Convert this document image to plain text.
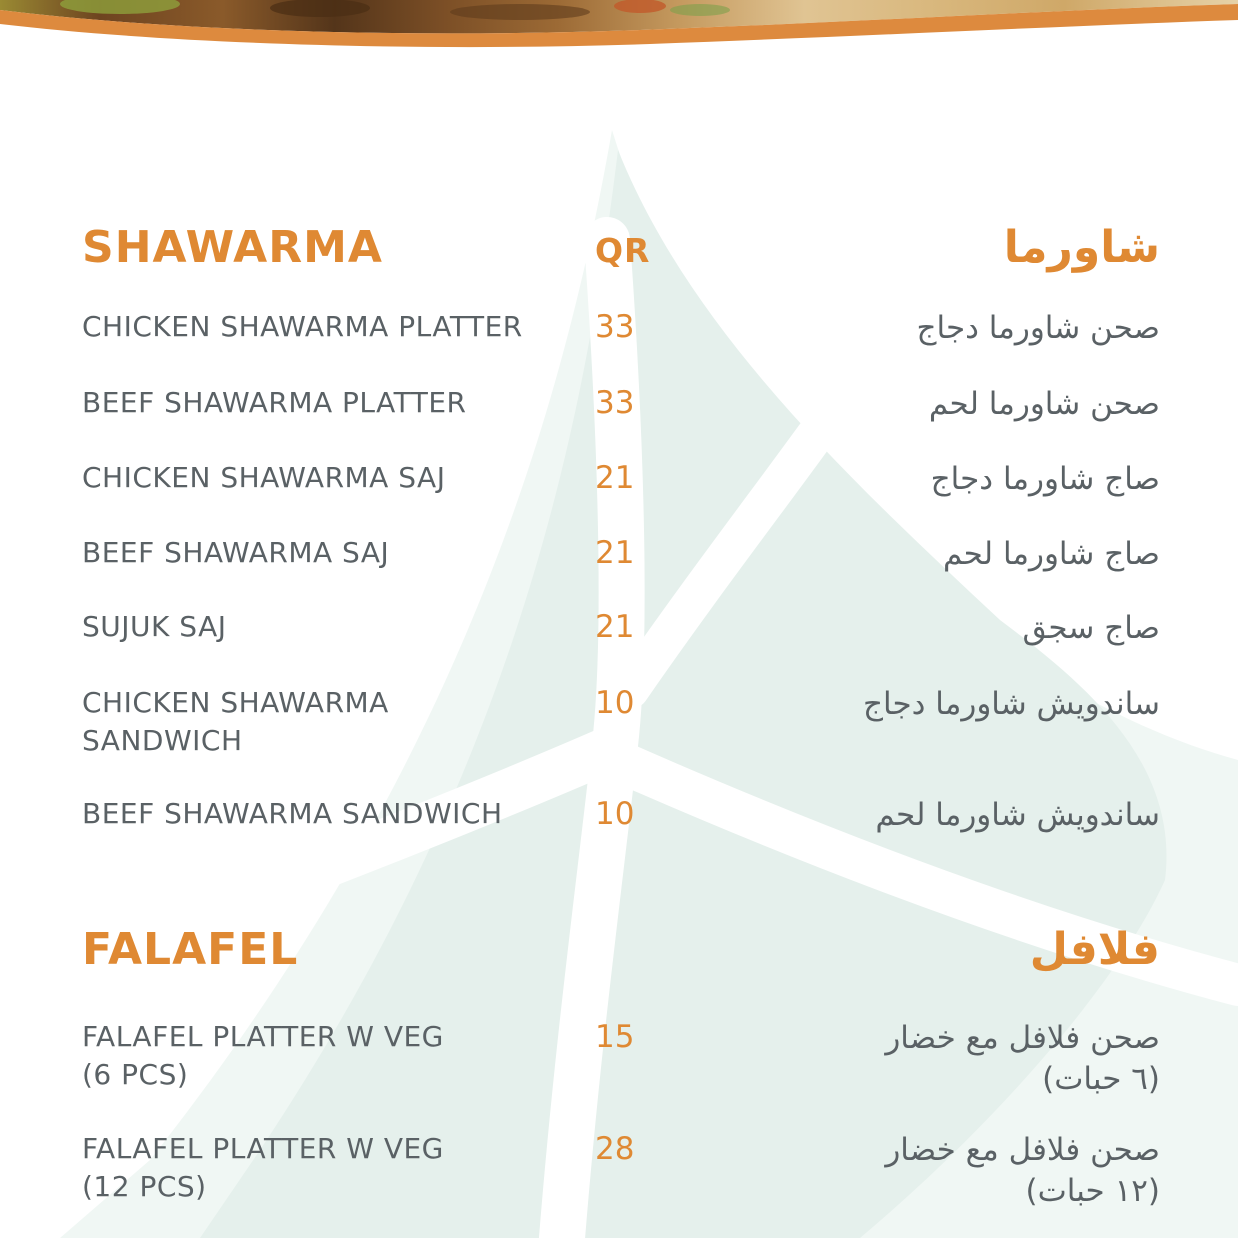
SHAWARMA	QR	شاورما
CHICKEN SHAWARMA PLATTER	33	صحن شاورما دجاج
BEEF SHAWARMA PLATTER	33	صحن شاورما لحم
CHICKEN SHAWARMA SAJ	21	صاج شاورما دجاج
BEEF SHAWARMA SAJ	21	صاج شاورما لحم
SUJUK SAJ	21	صاج سجق
CHICKEN SHAWARMA
SANDWICH
10	ساندويش شاورما دجاج
BEEF SHAWARMA SANDWICH	10	ساندويش شاورما لحم
FALAFEL	فلافل
FALAFEL PLATTER W VEG
(6 PCS)
15	صحن فلافل مع خضار
(٦ حبات)
FALAFEL PLATTER W VEG
(12 PCS)
28	صحن فلافل مع خضار
(١٢ حبات)
